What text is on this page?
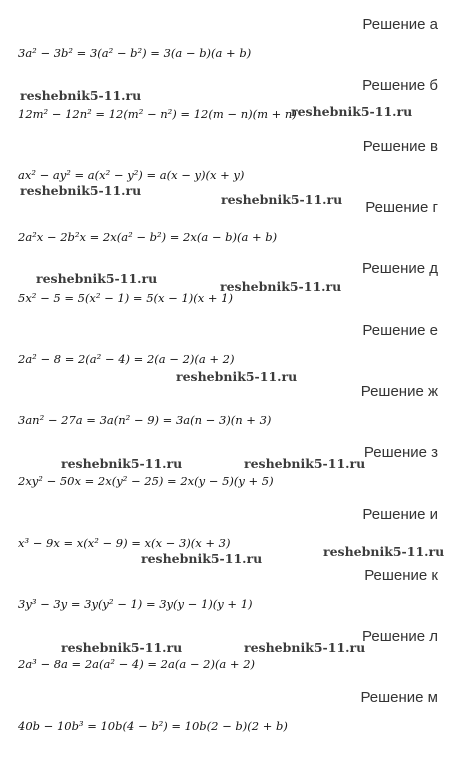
Решение а
3a² − 3b² = 3(a² − b²) = 3(a − b)(a + b)
Решение б
reshebnik5-11.ru
12m² − 12n² = 12(m² − n²) = 12(m − n)(m + n)
reshebnik5-11.ru
Решение в
ax² − ay² = a(x² − y²) = a(x − y)(x + y)
reshebnik5-11.ru
reshebnik5-11.ru Решение г
2a²x − 2b²x = 2x(a² − b²) = 2x(a − b)(a + b)
Решение д
reshebnik5-11.ru
reshebnik5-11.ru
5x² − 5 = 5(x² − 1) = 5(x − 1)(x + 1)
Решение е
2a² − 8 = 2(a² − 4) = 2(a − 2)(a + 2)
reshebnik5-11.ru
Решение ж
3an² − 27a = 3a(n² − 9) = 3a(n − 3)(n + 3)
Решение з
reshebnik5-11.ru	reshebnik5-11.ru
2xy² − 50x = 2x(y² − 25) = 2x(y − 5)(y + 5)
Решение и
x³ − 9x = x(x² − 9) = x(x − 3)(x + 3)
reshebnik5-11.ru
reshebnik5-11.ru
Решение к
3y³ − 3y = 3y(y² − 1) = 3y(y − 1)(y + 1)
Решение л
reshebnik5-11.ru	reshebnik5-11.ru
2a³ − 8a = 2a(a² − 4) = 2a(a − 2)(a + 2)
Решение м
40b − 10b³ = 10b(4 − b²) = 10b(2 − b)(2 + b)
